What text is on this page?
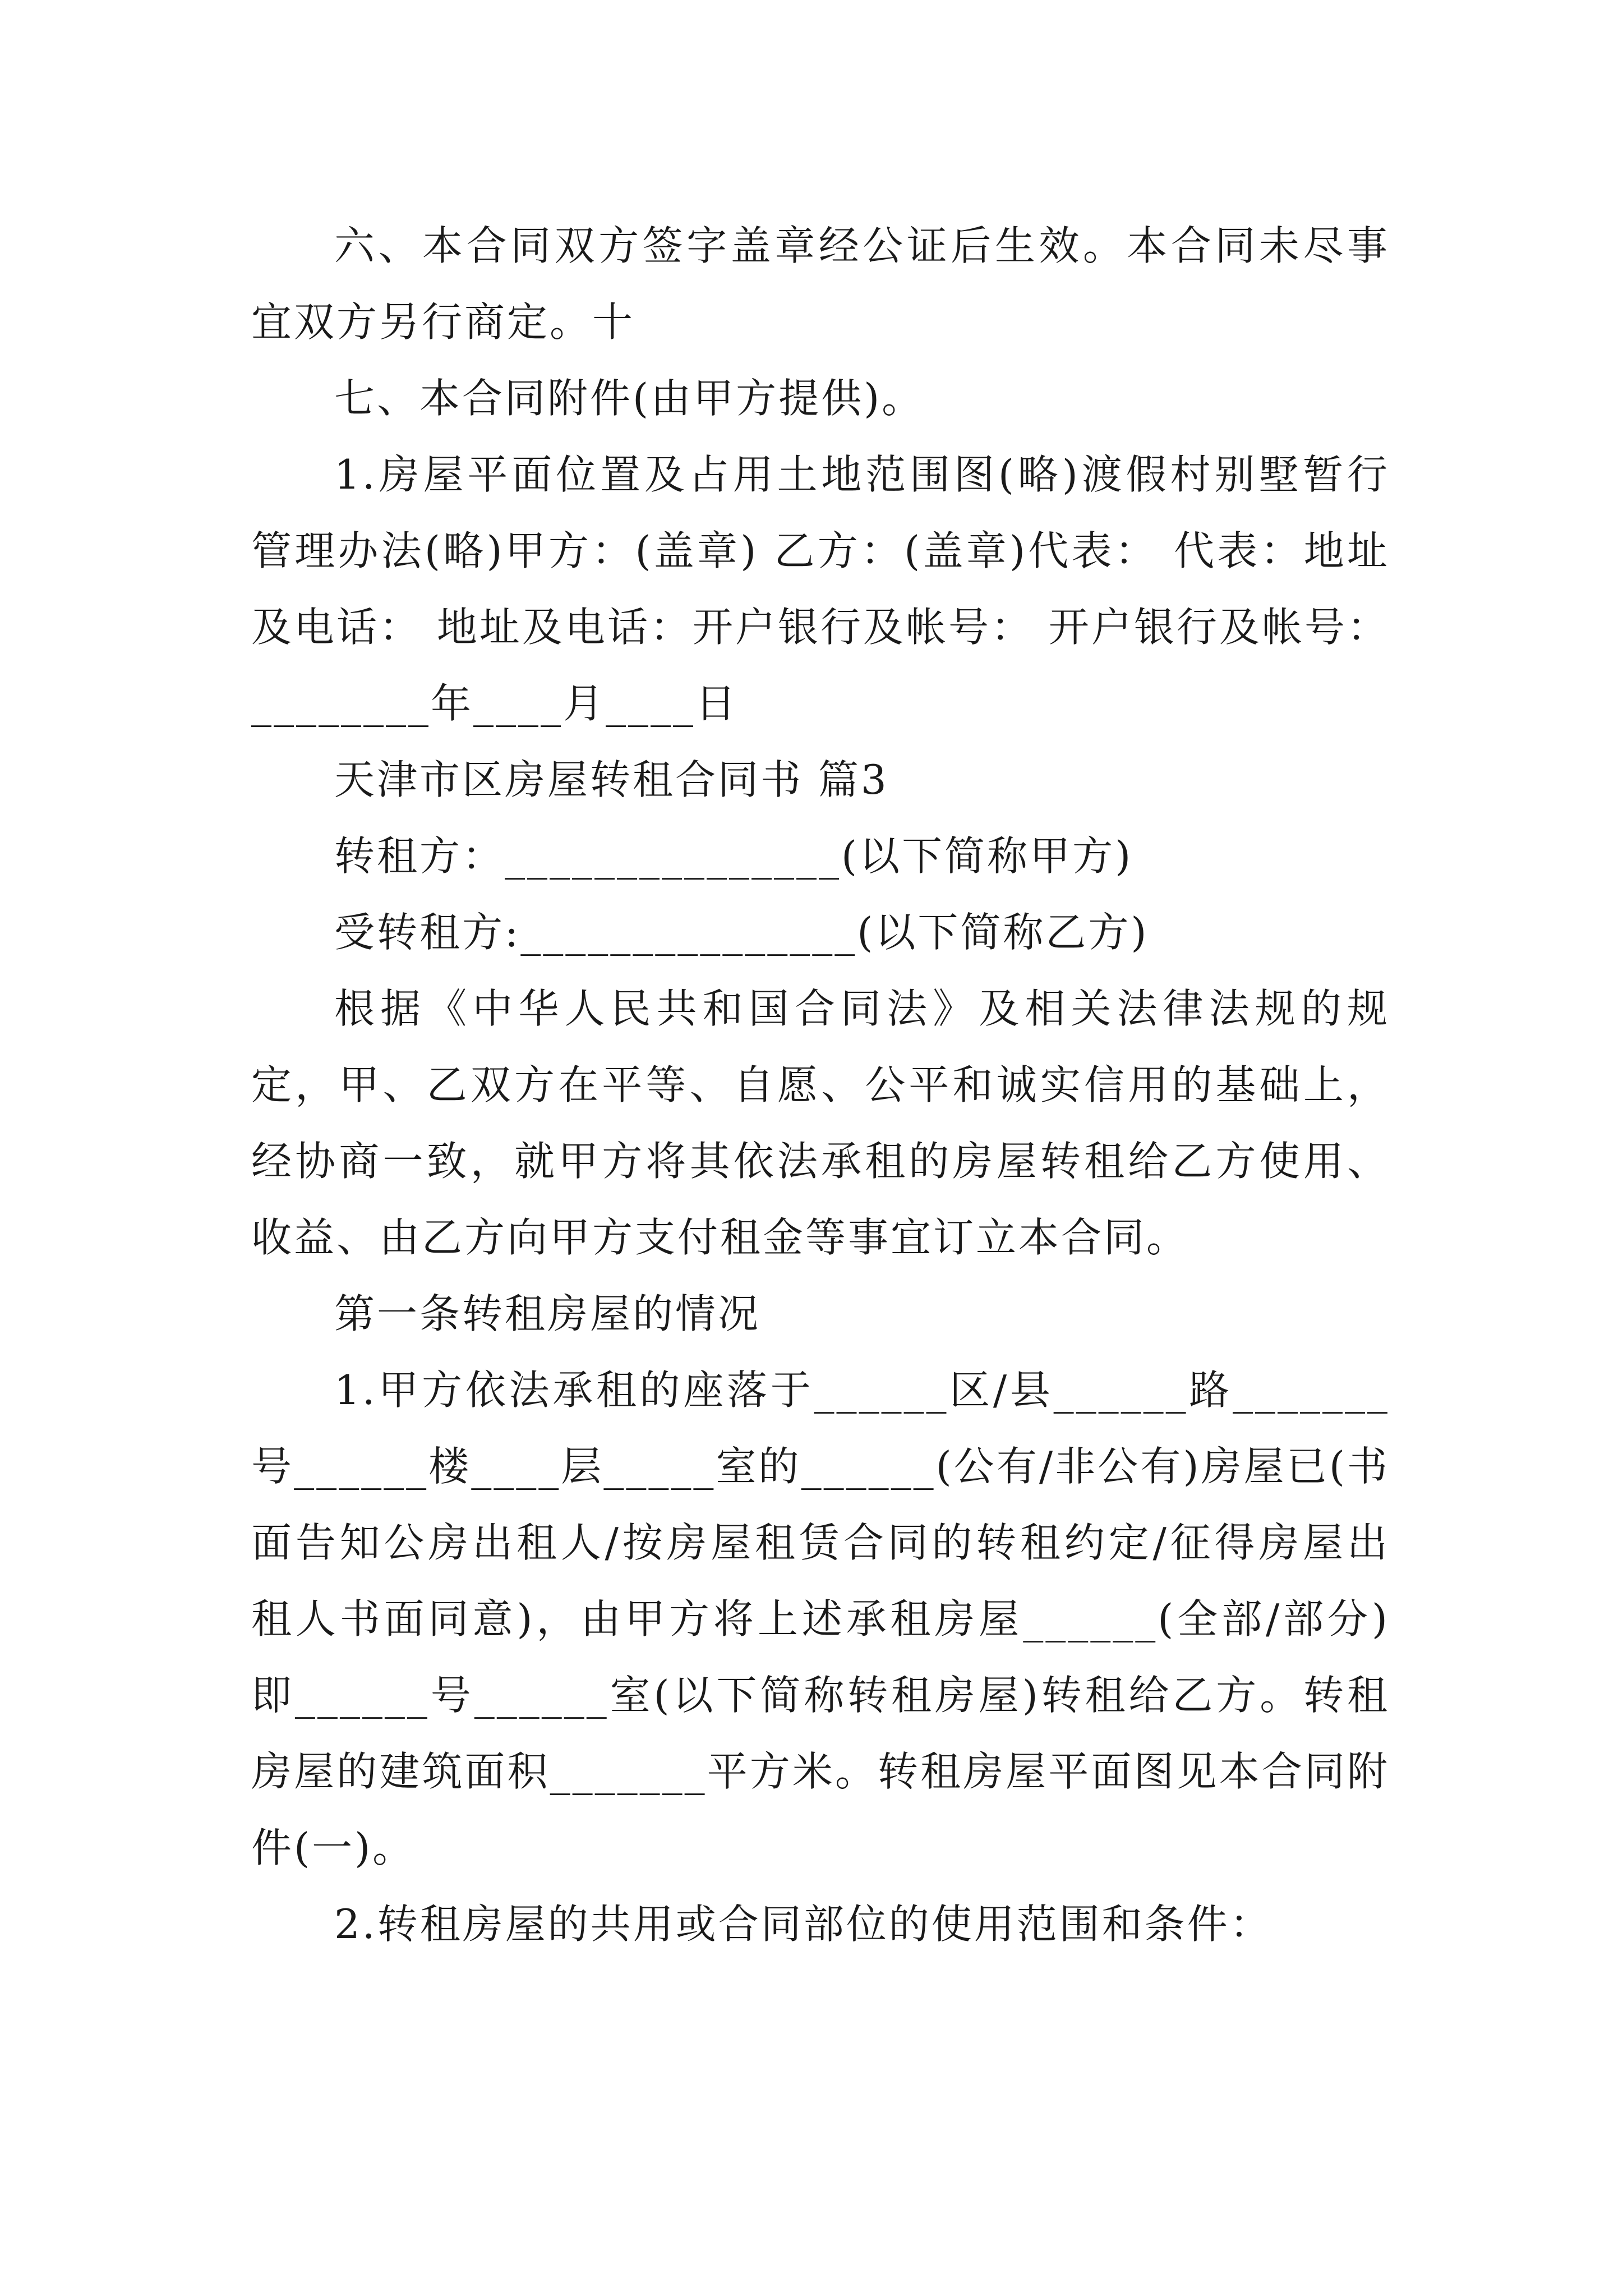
六、本合同双方签字盖章经公证后生效。本合同未尽事宜双方另行商定。十

七、本合同附件(由甲方提供)。

1.房屋平面位置及占用土地范围图(略)渡假村别墅暂行管理办法(略)甲方：(盖章) 乙方：(盖章)代表： 代表：地址及电话： 地址及电话：开户银行及帐号： 开户银行及帐号：________年____月____日

天津市区房屋转租合同书 篇3

转租方：_______________(以下简称甲方)

受转租方:_______________(以下简称乙方)

根据《中华人民共和国合同法》及相关法律法规的规定，甲、乙双方在平等、自愿、公平和诚实信用的基础上，经协商一致，就甲方将其依法承租的房屋转租给乙方使用、收益、由乙方向甲方支付租金等事宜订立本合同。

第一条转租房屋的情况

1.甲方依法承租的座落于______区/县______路_______号______楼____层_____室的______(公有/非公有)房屋已(书面告知公房出租人/按房屋租赁合同的转租约定/征得房屋出租人书面同意)，由甲方将上述承租房屋______(全部/部分)即______号______室(以下简称转租房屋)转租给乙方。转租房屋的建筑面积_______平方米。转租房屋平面图见本合同附件(一)。

2.转租房屋的共用或合同部位的使用范围和条件：
